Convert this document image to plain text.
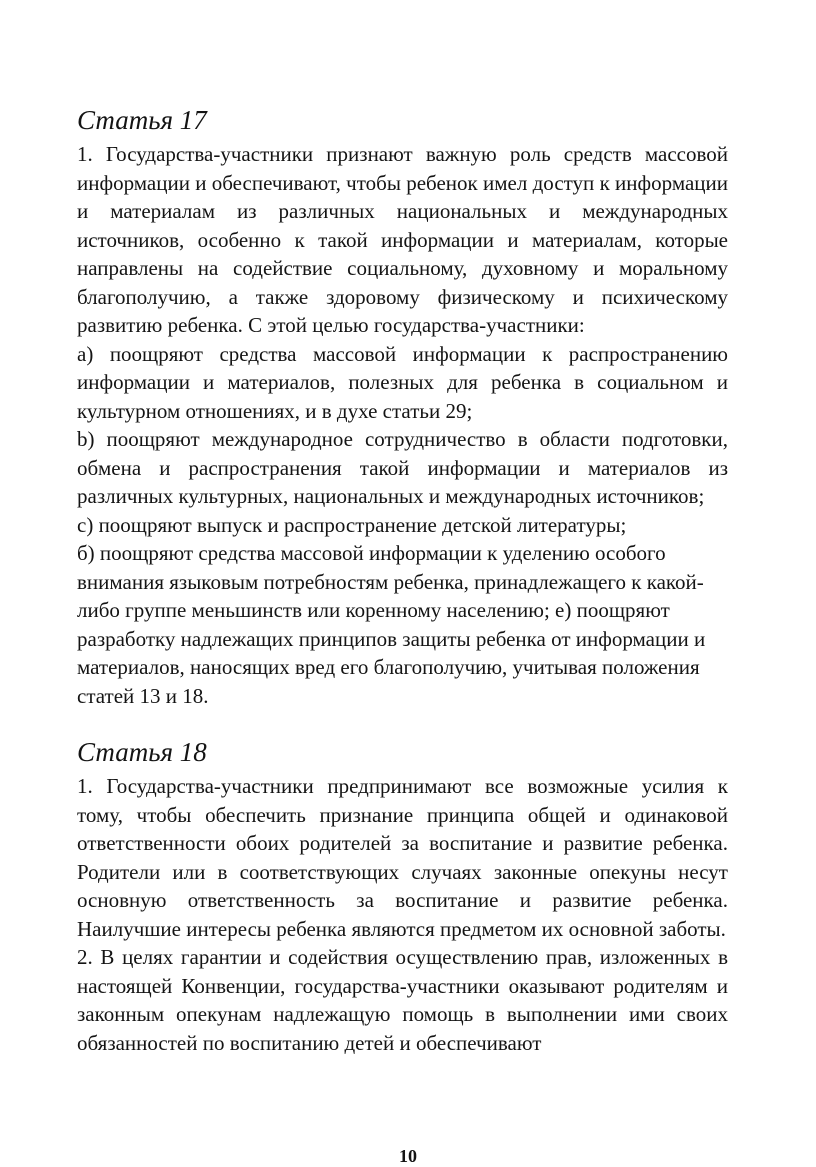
Статья 17

1. Государства-участники признают важную роль средств массовой информации и обеспечивают, чтобы ребенок имел доступ к информации и материалам из различных национальных и международных источников, особенно к такой информации и материалам, которые направлены на содействие социальному, духовному и моральному благополучию, а также здоровому физическому и психическому развитию ребенка. С этой целью государства-участники:

a) поощряют средства массовой информации к распространению информации и материалов, полезных для ребенка в социальном и культурном отношениях, и в духе статьи 29;

b) поощряют международное сотрудничество в области подготовки, обмена и распространения такой информации и материалов из различных культурных, национальных и международных источников;

c) поощряют выпуск и распространение детской литературы;

б) поощряют средства массовой информации к уделению особого внимания языковым потребностям ребенка, принадлежащего к какой-либо группе меньшинств или коренному населению; е) поощряют разработку надлежащих принципов защиты ребенка от информации и материалов, наносящих вред его благополучию, учитывая положения статей 13 и 18.

Статья 18

1. Государства-участники предпринимают все возможные усилия к тому, чтобы обеспечить признание принципа общей и одинаковой ответственности обоих родителей за воспитание и развитие ребенка. Родители или в соответствующих случаях законные опекуны несут основную ответственность за воспитание и развитие ребенка. Наилучшие интересы ребенка являются предметом их основной заботы.

2. В целях гарантии и содействия осуществлению прав, изложенных в настоящей Конвенции, государства-участники оказывают родителям и законным опекунам надлежащую помощь в выполнении ими своих обязанностей по воспитанию детей и обеспечивают

10
